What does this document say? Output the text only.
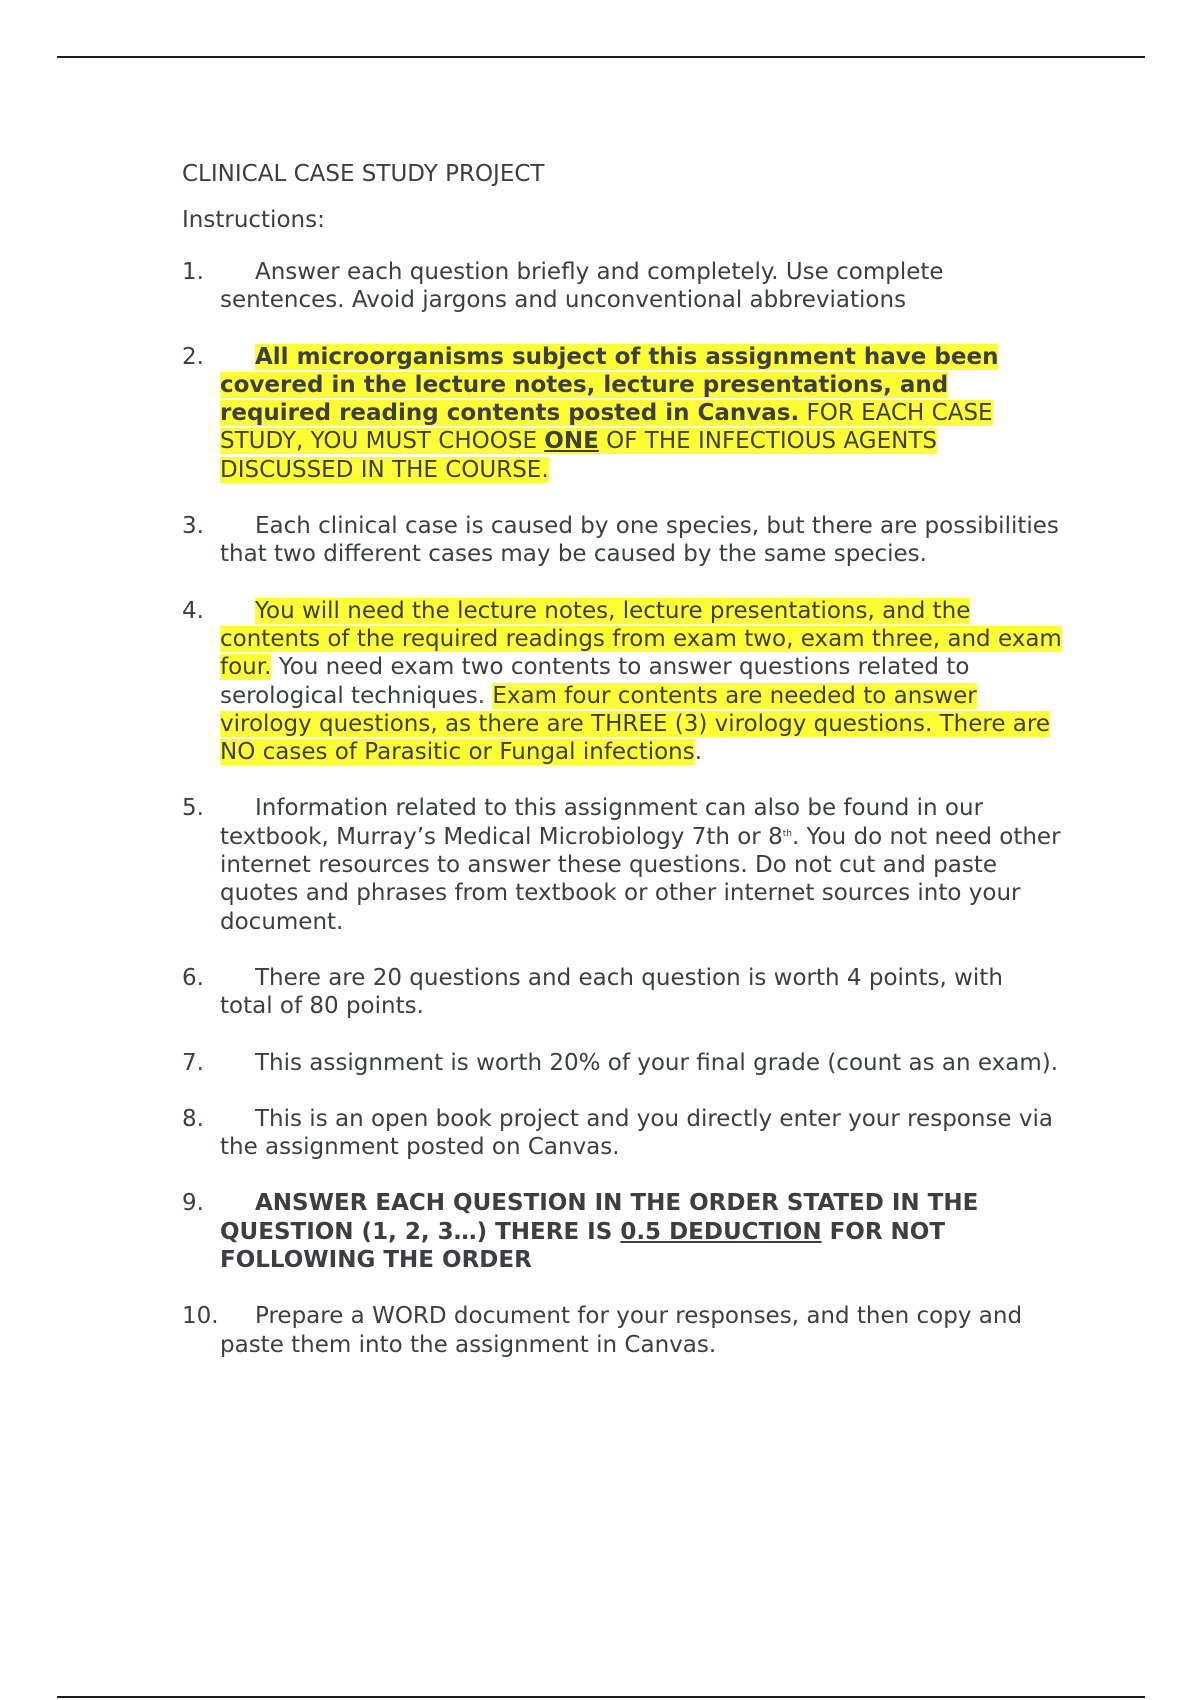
CLINICAL CASE STUDY PROJECT
Instructions:
1.	Answer each question briefly and completely. Use complete sentences. Avoid jargons and unconventional abbreviations
2.	All microorganisms subject of this assignment have been covered in the lecture notes, lecture presentations, and required reading contents posted in Canvas. FOR EACH CASE STUDY, YOU MUST CHOOSE ONE OF THE INFECTIOUS AGENTS DISCUSSED IN THE COURSE.
3.	Each clinical case is caused by one species, but there are possibilities that two different cases may be caused by the same species.
4.	You will need the lecture notes, lecture presentations, and the contents of the required readings from exam two, exam three, and exam four. You need exam two contents to answer questions related to serological techniques. Exam four contents are needed to answer virology questions, as there are THREE (3) virology questions. There are NO cases of Parasitic or Fungal infections.
5.	Information related to this assignment can also be found in our textbook, Murray’s Medical Microbiology 7th or 8th. You do not need other internet resources to answer these questions. Do not cut and paste quotes and phrases from textbook or other internet sources into your document.
6.	There are 20 questions and each question is worth 4 points, with total of 80 points.
7.	This assignment is worth 20% of your final grade (count as an exam).
8.	This is an open book project and you directly enter your response via the assignment posted on Canvas.
9.	ANSWER EACH QUESTION IN THE ORDER STATED IN THE QUESTION (1, 2, 3…) THERE IS 0.5 DEDUCTION FOR NOT FOLLOWING THE ORDER
10. Prepare a WORD document for your responses, and then copy and paste them into the assignment in Canvas.
